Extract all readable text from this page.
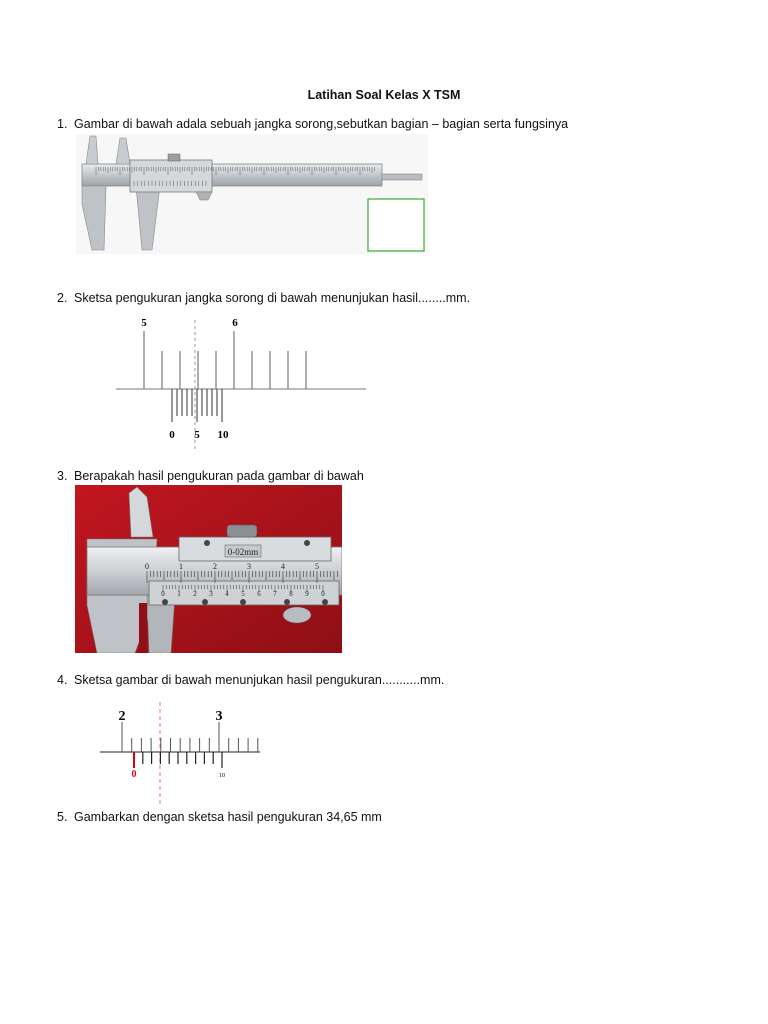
Latihan Soal Kelas X TSM
1. Gambar di bawah adala sebuah jangka sorong,sebutkan bagian – bagian serta fungsinya
2. Sketsa pengukuran jangka sorong di bawah menunjukan hasil........mm.
5	6
0 5 10
3. Berapakah hasil pengukuran pada gambar di bawah
0-02mm
0	1	2	3	4	5
0 1 2 3 4 5 6 7 8 9 0
4. Sketsa gambar di bawah menunjukan hasil pengukuran...........mm.
2	3
0	10
5. Gambarkan dengan sketsa hasil pengukuran 34,65 mm
